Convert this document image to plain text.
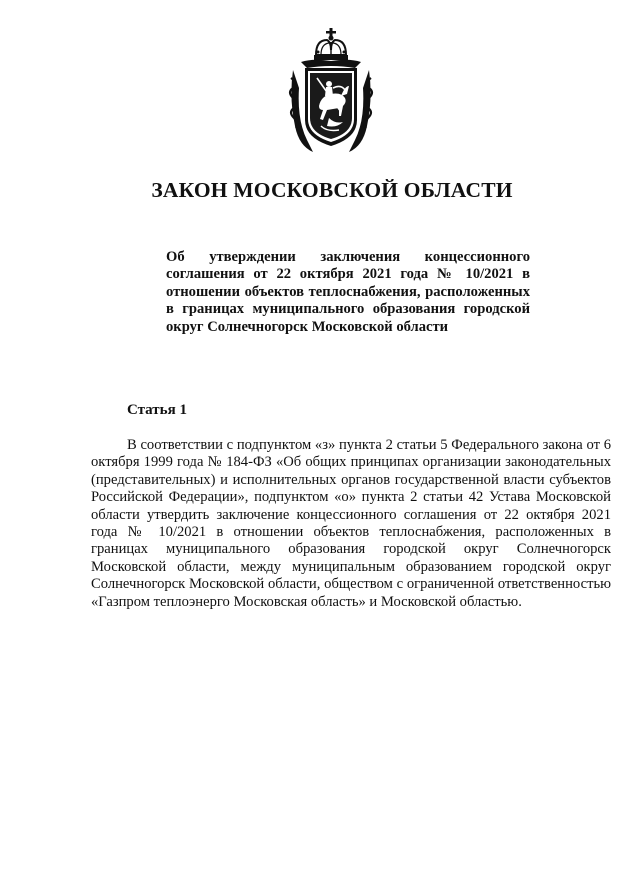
ЗАКОН МОСКОВСКОЙ ОБЛАСТИ

Об утверждении заключения концессионного соглашения от 22 октября 2021 года № 10/2021 в отношении объектов теплоснабжения, расположенных в границах муниципального образования городской округ Солнечногорск Московской области

Статья 1

В соответствии с подпунктом «з» пункта 2 статьи 5 Федерального закона от 6 октября 1999 года № 184-ФЗ «Об общих принципах организации законодательных (представительных) и исполнительных органов государственной власти субъектов Российской Федерации», подпунктом «о» пункта 2 статьи 42 Устава Московской области утвердить заключение концессионного соглашения от 22 октября 2021 года № 10/2021 в отношении объектов теплоснабжения, расположенных в границах муниципального образования городской округ Солнечногорск Московской области, между муниципальным образованием городской округ Солнечногорск Московской области, обществом с ограниченной ответственностью «Газпром теплоэнерго Московская область» и Московской областью.
